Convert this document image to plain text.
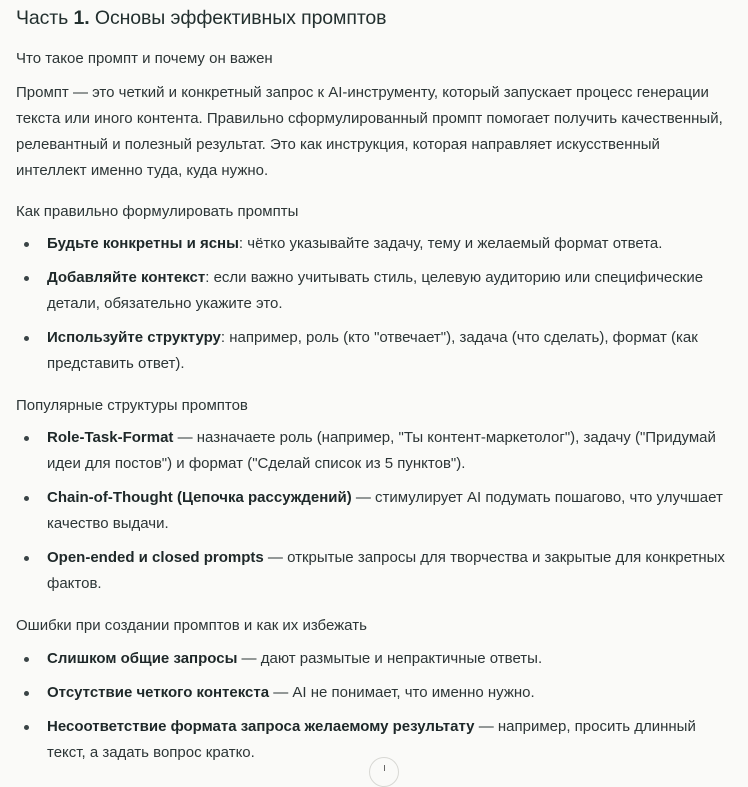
Часть 1. Основы эффективных промптов
Что такое промпт и почему он важен

Промпт — это четкий и конкретный запрос к AI-инструменту, который запускает процесс генерации текста или иного контента. Правильно сформулированный промпт помогает получить качественный, релевантный и полезный результат. Это как инструкция, которая направляет искусственный интеллект именно туда, куда нужно.

Как правильно формулировать промпты
Будьте конкретны и ясны: чётко указывайте задачу, тему и желаемый формат ответа.
Добавляйте контекст: если важно учитывать стиль, целевую аудиторию или специфические детали, обязательно укажите это.
Используйте структуру: например, роль (кто "отвечает"), задача (что сделать), формат (как представить ответ).
Популярные структуры промптов
Role-Task-Format — назначаете роль (например, "Ты контент-маркетолог"), задачу ("Придумай идеи для постов") и формат ("Сделай список из 5 пунктов").
Chain-of-Thought (Цепочка рассуждений) — стимулирует AI подумать пошагово, что улучшает качество выдачи.
Open-ended и closed prompts — открытые запросы для творчества и закрытые для конкретных фактов.
Ошибки при создании промптов и как их избежать
Слишком общие запросы — дают размытые и непрактичные ответы.
Отсутствие четкого контекста — AI не понимает, что именно нужно.
Несоответствие формата запроса желаемому результату — например, просить длинный текст, а задать вопрос кратко.
